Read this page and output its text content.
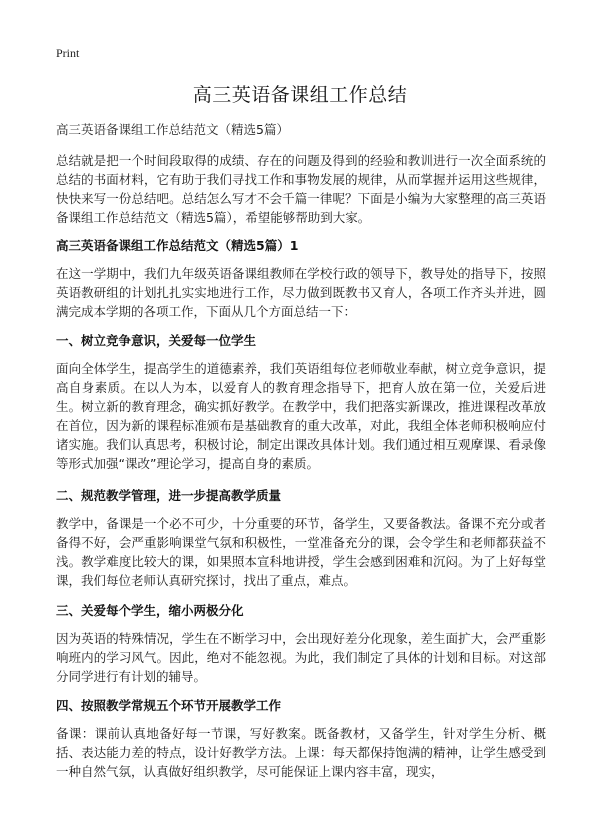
Print
高三英语备课组工作总结
高三英语备课组工作总结范文（精选5篇）
总结就是把一个时间段取得的成绩、存在的问题及得到的经验和教训进行一次全面系统的总结的书面材料，它有助于我们寻找工作和事物发展的规律，从而掌握并运用这些规律，快快来写一份总结吧。总结怎么写才不会千篇一律呢？下面是小编为大家整理的高三英语备课组工作总结范文（精选5篇），希望能够帮助到大家。
高三英语备课组工作总结范文（精选5篇）1
在这一学期中，我们九年级英语备课组教师在学校行政的领导下，教导处的指导下，按照英语教研组的计划扎扎实实地进行工作，尽力做到既教书又育人，各项工作齐头并进，圆满完成本学期的各项工作，下面从几个方面总结一下：
一、树立竞争意识，关爱每一位学生
面向全体学生，提高学生的道德素养，我们英语组每位老师敬业奉献，树立竞争意识，提高自身素质。在以人为本，以爱育人的教育理念指导下，把育人放在第一位，关爱后进生。树立新的教育理念，确实抓好教学。在教学中，我们把落实新课改，推进课程改革放在首位，因为新的课程标准颁布是基础教育的重大改革，对此，我组全体老师积极响应付诸实施。我们认真思考，积极讨论，制定出课改具体计划。我们通过相互观摩课、看录像等形式加强“课改”理论学习，提高自身的素质。
二、规范教学管理，进一步提高教学质量
教学中，备课是一个必不可少，十分重要的环节，备学生，又要备教法。备课不充分或者备得不好，会严重影响课堂气氛和积极性，一堂准备充分的课，会令学生和老师都获益不浅。教学难度比较大的课，如果照本宣科地讲授，学生会感到困难和沉闷。为了上好每堂课，我们每位老师认真研究探讨，找出了重点，难点。
三、关爱每个学生，缩小两极分化
因为英语的特殊情况，学生在不断学习中，会出现好差分化现象，差生面扩大，会严重影响班内的学习风气。因此，绝对不能忽视。为此，我们制定了具体的计划和目标。对这部分同学进行有计划的辅导。
四、按照教学常规五个环节开展教学工作
备课：课前认真地备好每一节课，写好教案。既备教材，又备学生，针对学生分析、概括、表达能力差的特点，设计好教学方法。上课：每天都保持饱满的精神，让学生感受到一种自然气氛，认真做好组织教学，尽可能保证上课内容丰富，现实，
